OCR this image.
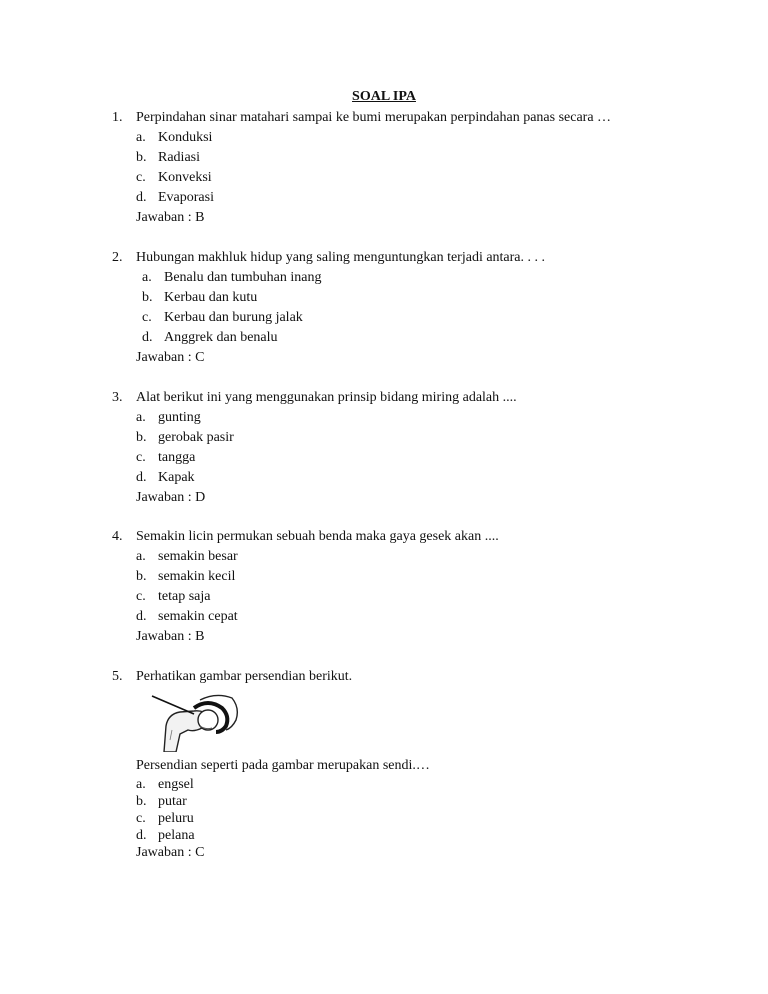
SOAL IPA
1. Perpindahan sinar matahari sampai ke bumi merupakan perpindahan panas secara …
a. Konduksi
b. Radiasi
c. Konveksi
d. Evaporasi
Jawaban : B
2. Hubungan makhluk hidup yang saling menguntungkan terjadi antara. . . .
a. Benalu dan tumbuhan inang
b. Kerbau dan kutu
c. Kerbau dan burung jalak
d. Anggrek dan benalu
Jawaban : C
3. Alat berikut ini yang menggunakan prinsip bidang miring adalah ....
a. gunting
b. gerobak pasir
c. tangga
d. Kapak
Jawaban : D
4. Semakin licin permukan sebuah benda maka gaya gesek akan ....
a. semakin besar
b. semakin kecil
c. tetap saja
d. semakin cepat
Jawaban : B
5. Perhatikan gambar persendian berikut.
Persendian seperti pada gambar merupakan sendi.…
a. engsel
b. putar
c. peluru
d. pelana
Jawaban : C
